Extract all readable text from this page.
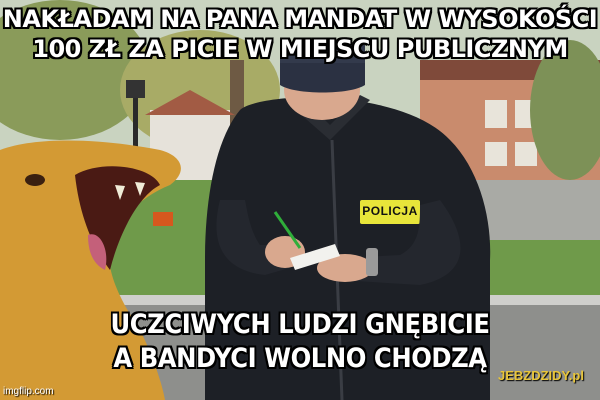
NAKŁADAM NA PANA MANDAT W WYSOKOŚCI
100 ZŁ ZA PICIE W MIEJSCU PUBLICZNYM
POLICJA
UCZCIWYCH LUDZI GNĘBICIE
A BANDYCI WOLNO CHODZĄ
imgflip.com
JEBZDZIDY.pl
